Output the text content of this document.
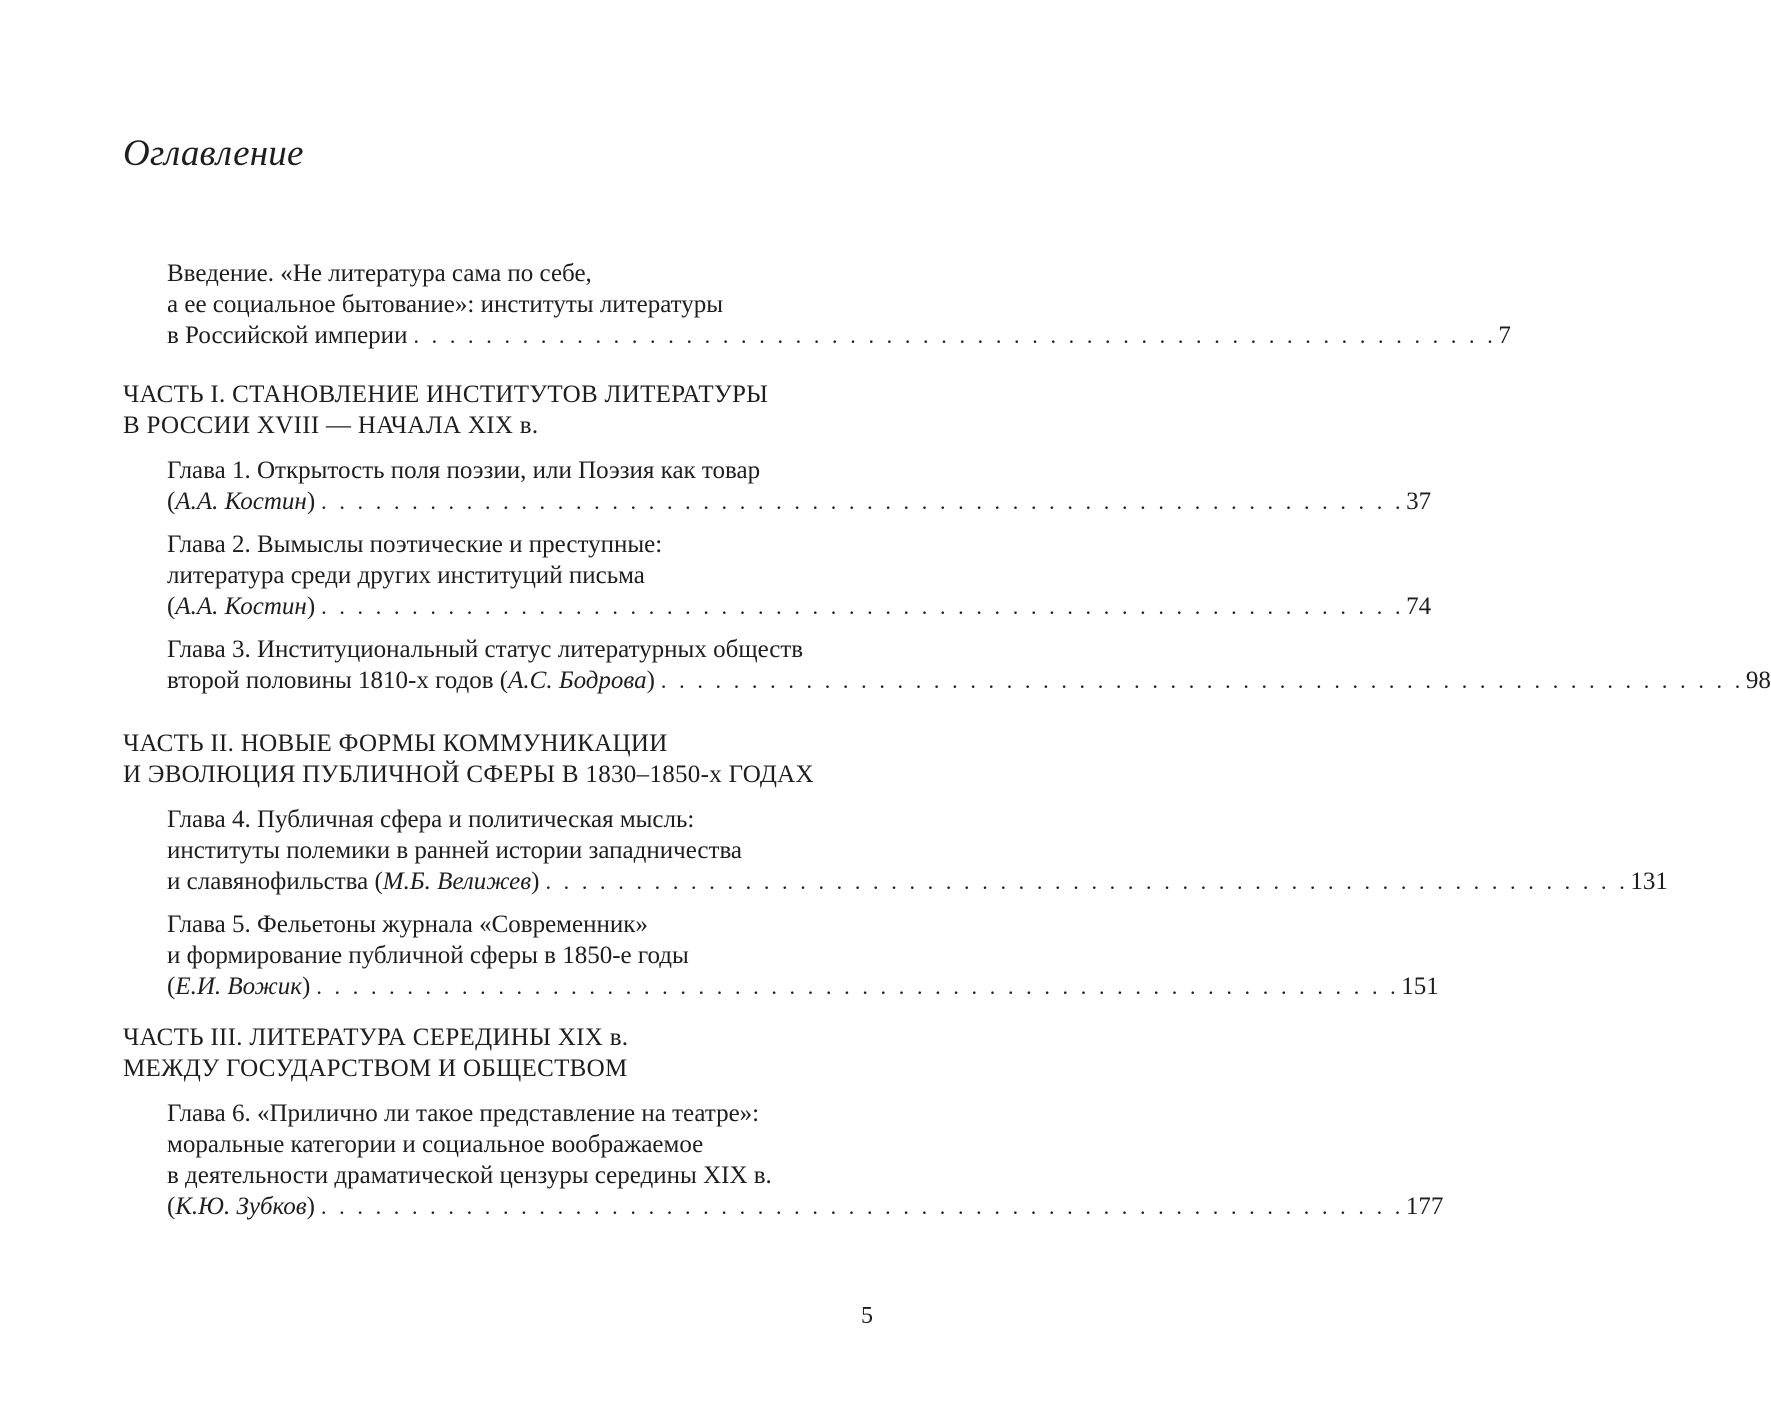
Оглавление
Введение. «Не литература сама по себе,
а ее социальное бытование»: институты литературы
в Российской империи . . . . . . . . . . . . . . . . . . . . . . . . . . . . . . . . . . . . . . . . . . . . . . . . . . . . . . . . . . . . 7
ЧАСТЬ I. СТАНОВЛЕНИЕ ИНСТИТУТОВ ЛИТЕРАТУРЫ
В РОССИИ XVIII — НАЧАЛА XIX в.
Глава 1. Открытость поля поэзии, или Поэзия как товар
(А.А. Костин) . . . . . . . . . . . . . . . . . . . . . . . . . . . . . . . . . . . . . . . . . . . . . . . . . . . . . . . . . . . . 37
Глава 2. Вымыслы поэтические и преступные:
литература среди других институций письма
(А.А. Костин) . . . . . . . . . . . . . . . . . . . . . . . . . . . . . . . . . . . . . . . . . . . . . . . . . . . . . . . . . . . . 74
Глава 3. Институциональный статус литературных обществ
второй половины 1810-х годов (А.С. Бодрова) . . . . . . . . . . . . . . . . . . . . . . . . . . . . . . . . . . . . . . . . . . . . . . . . . . . . . . . . . . . . 98
ЧАСТЬ II. НОВЫЕ ФОРМЫ КОММУНИКАЦИИ
И ЭВОЛЮЦИЯ ПУБЛИЧНОЙ СФЕРЫ В 1830–1850-х ГОДАХ
Глава 4. Публичная сфера и политическая мысль:
институты полемики в ранней истории западничества
и славянофильства (М.Б. Велижев) . . . . . . . . . . . . . . . . . . . . . . . . . . . . . . . . . . . . . . . . . . . . . . . . . . . . . . . . . . . . 131
Глава 5. Фельетоны журнала «Современник»
и формирование публичной сферы в 1850-е годы
(Е.И. Вожик) . . . . . . . . . . . . . . . . . . . . . . . . . . . . . . . . . . . . . . . . . . . . . . . . . . . . . . . . . . . . 151
ЧАСТЬ III. ЛИТЕРАТУРА СЕРЕДИНЫ XIX в.
МЕЖДУ ГОСУДАРСТВОМ И ОБЩЕСТВОМ
Глава 6. «Прилично ли такое представление на театре»:
моральные категории и социальное воображаемое
в деятельности драматической цензуры середины XIX в.
(К.Ю. Зубков) . . . . . . . . . . . . . . . . . . . . . . . . . . . . . . . . . . . . . . . . . . . . . . . . . . . . . . . . . . . . 177
5
